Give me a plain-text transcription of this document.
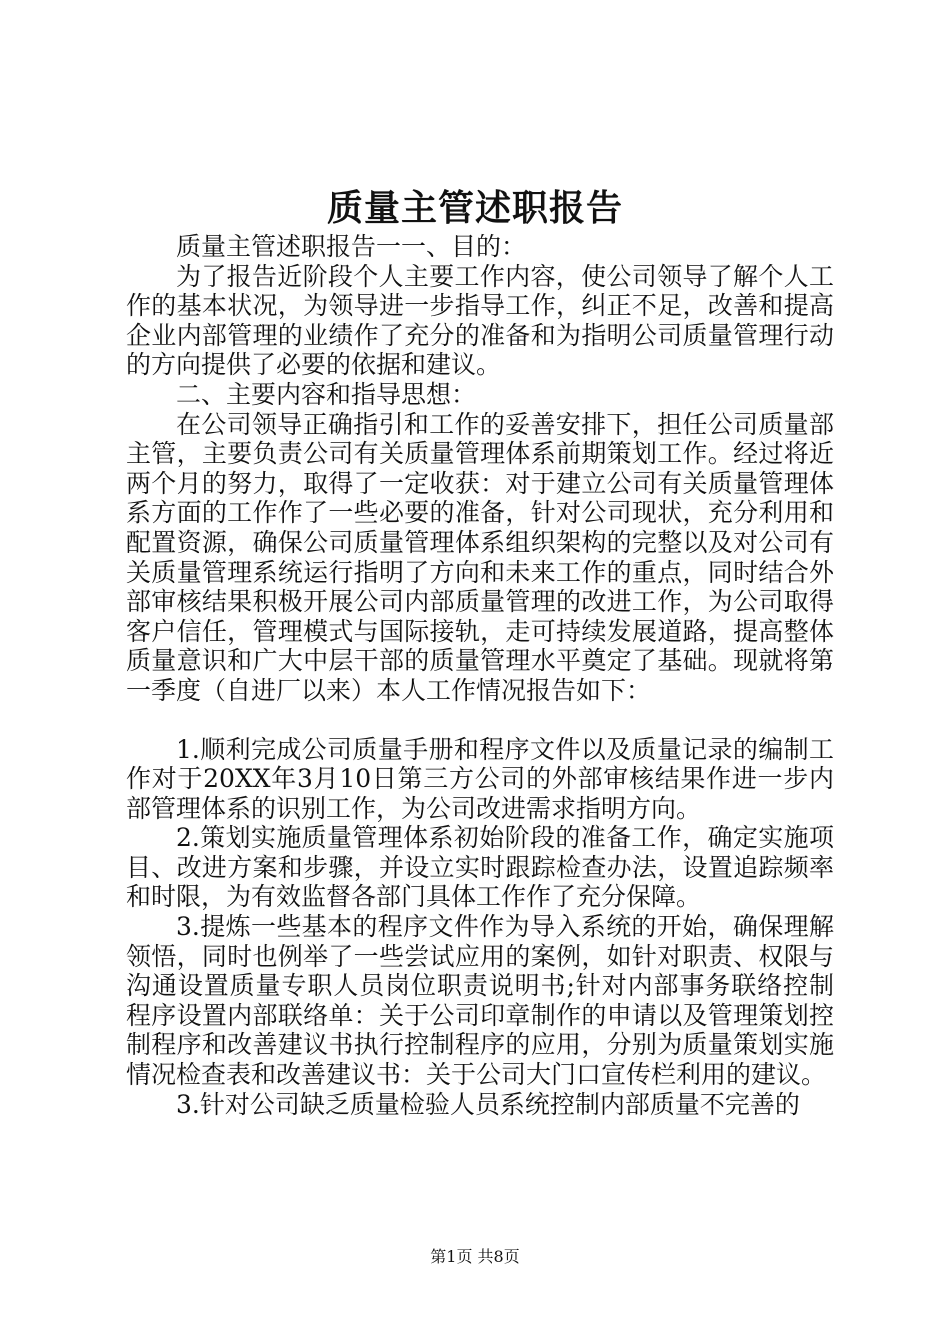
质量主管述职报告

质量主管述职报告一一、目的：

为了报告近阶段个人主要工作内容，使公司领导了解个人工作的基本状况，为领导进一步指导工作，纠正不足，改善和提高企业内部管理的业绩作了充分的准备和为指明公司质量管理行动的方向提供了必要的依据和建议。

二、主要内容和指导思想：

在公司领导正确指引和工作的妥善安排下，担任公司质量部主管，主要负责公司有关质量管理体系前期策划工作。经过将近两个月的努力，取得了一定收获：对于建立公司有关质量管理体系方面的工作作了一些必要的准备，针对公司现状，充分利用和配置资源，确保公司质量管理体系组织架构的完整以及对公司有关质量管理系统运行指明了方向和未来工作的重点，同时结合外部审核结果积极开展公司内部质量管理的改进工作，为公司取得客户信任，管理模式与国际接轨，走可持续发展道路，提高整体质量意识和广大中层干部的质量管理水平奠定了基础。现就将第一季度（自进厂以来）本人工作情况报告如下：

1.顺利完成公司质量手册和程序文件以及质量记录的编制工作对于20XX年3月10日第三方公司的外部审核结果作进一步内部管理体系的识别工作，为公司改进需求指明方向。

2.策划实施质量管理体系初始阶段的准备工作，确定实施项目、改进方案和步骤，并设立实时跟踪检查办法，设置追踪频率和时限，为有效监督各部门具体工作作了充分保障。

3.提炼一些基本的程序文件作为导入系统的开始，确保理解领悟，同时也例举了一些尝试应用的案例，如针对职责、权限与沟通设置质量专职人员岗位职责说明书;针对内部事务联络控制程序设置内部联络单：关于公司印章制作的申请以及管理策划控制程序和改善建议书执行控制程序的应用，分别为质量策划实施情况检查表和改善建议书：关于公司大门口宣传栏利用的建议。

3.针对公司缺乏质量检验人员系统控制内部质量不完善的

第1页 共8页
